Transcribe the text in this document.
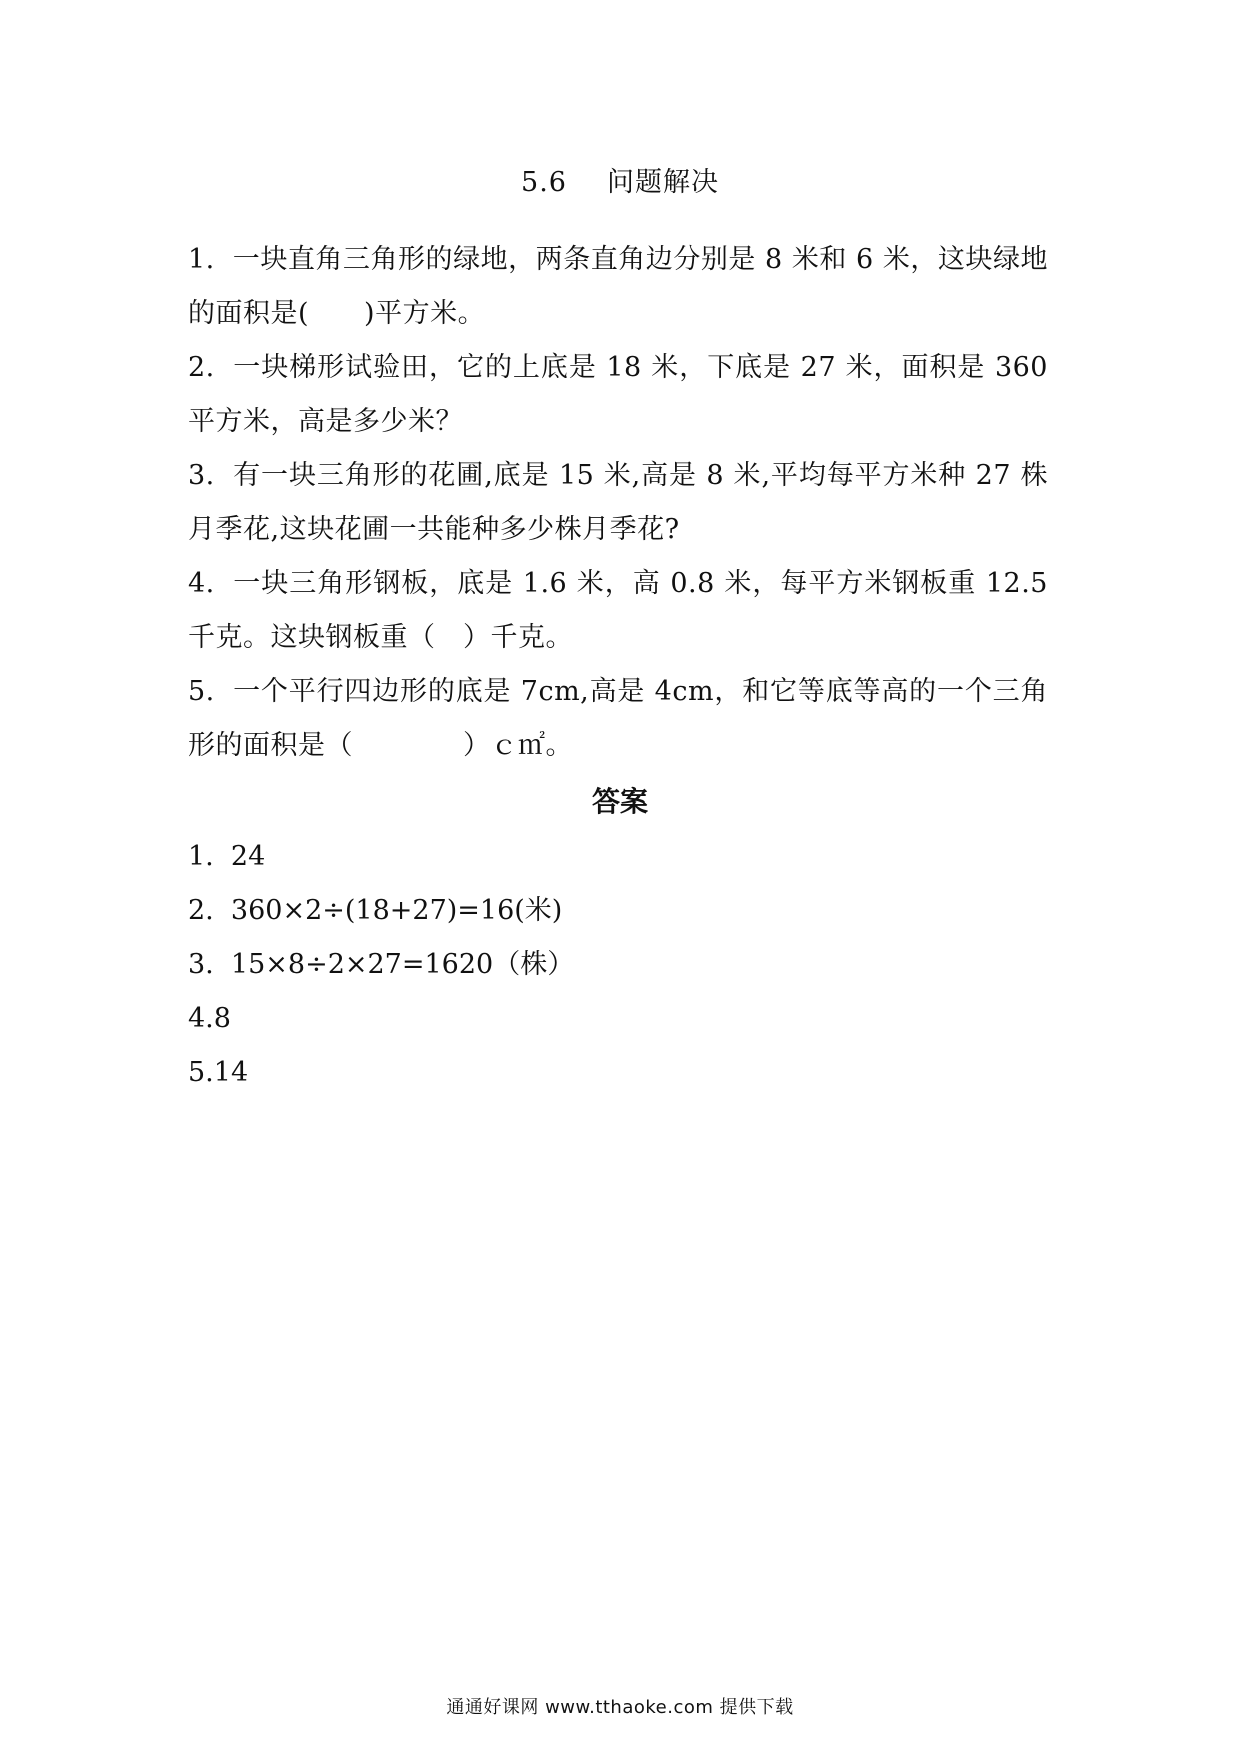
5.6 问题解决
1. 一块直角三角形的绿地，两条直角边分别是 8 米和 6 米，这块绿地的面积是(　　)平方米。
2. 一块梯形试验田，它的上底是 18 米，下底是 27 米，面积是 360 平方米，高是多少米？
3. 有一块三角形的花圃,底是 15 米,高是 8 米,平均每平方米种 27 株月季花,这块花圃一共能种多少株月季花?
4. 一块三角形钢板，底是 1.6 米，高 0.8 米，每平方米钢板重 12.5 千克。这块钢板重（　）千克。
5. 一个平行四边形的底是 7cm,高是 4cm，和它等底等高的一个三角形的面积是（　　　　）ｃ㎡。
答案
1.  24
2.  360×2÷(18+27)=16(米)
3.  15×8÷2×27=1620（株）
4.8
5.14
通通好课网 www.tthaoke.com 提供下载
